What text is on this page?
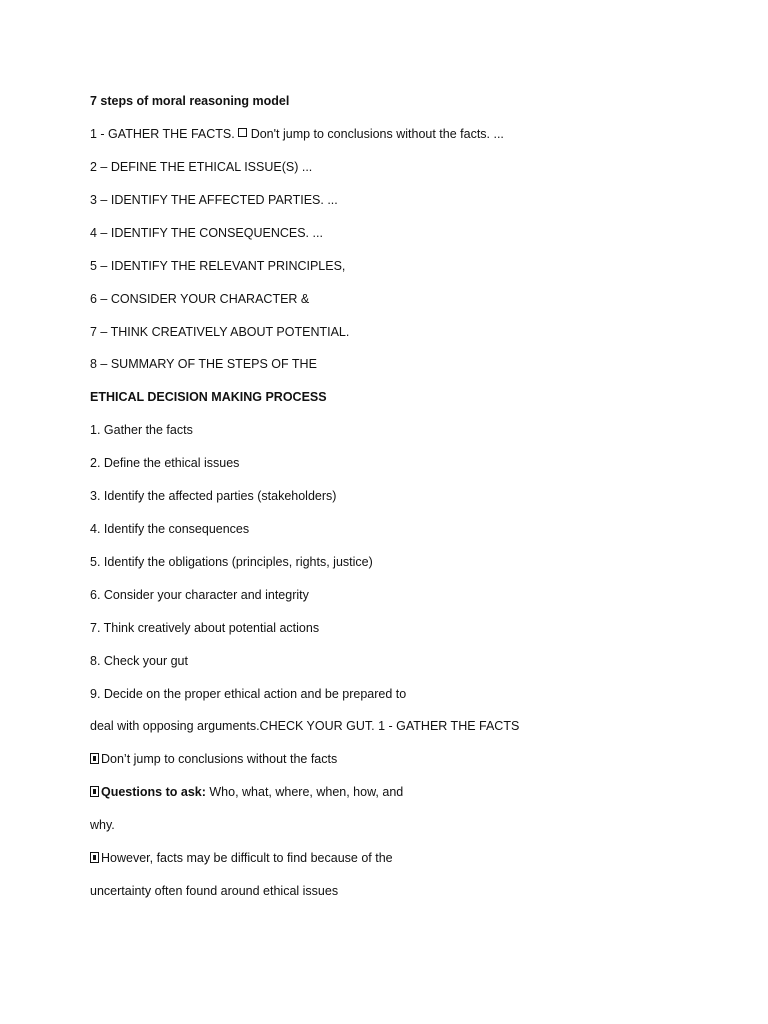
7 steps of moral reasoning model
1 - GATHER THE FACTS. Don't jump to conclusions without the facts. ...
2 – DEFINE THE ETHICAL ISSUE(S) ...
3 – IDENTIFY THE AFFECTED PARTIES. ...
4 – IDENTIFY THE CONSEQUENCES. ...
5 – IDENTIFY THE RELEVANT PRINCIPLES,
6 – CONSIDER YOUR CHARACTER &
7 – THINK CREATIVELY ABOUT POTENTIAL.
8 – SUMMARY OF THE STEPS OF THE
ETHICAL DECISION MAKING PROCESS
1. Gather the facts
2. Define the ethical issues
3. Identify the affected parties (stakeholders)
4. Identify the consequences
5. Identify the obligations (principles, rights, justice)
6. Consider your character and integrity
7. Think creatively about potential actions
8. Check your gut
9. Decide on the proper ethical action and be prepared to
deal with opposing arguments.CHECK YOUR GUT. 1 - GATHER THE FACTS
Don’t jump to conclusions without the facts
Questions to ask: Who, what, where, when, how, and
why.
However, facts may be difficult to find because of the
uncertainty often found around ethical issues
